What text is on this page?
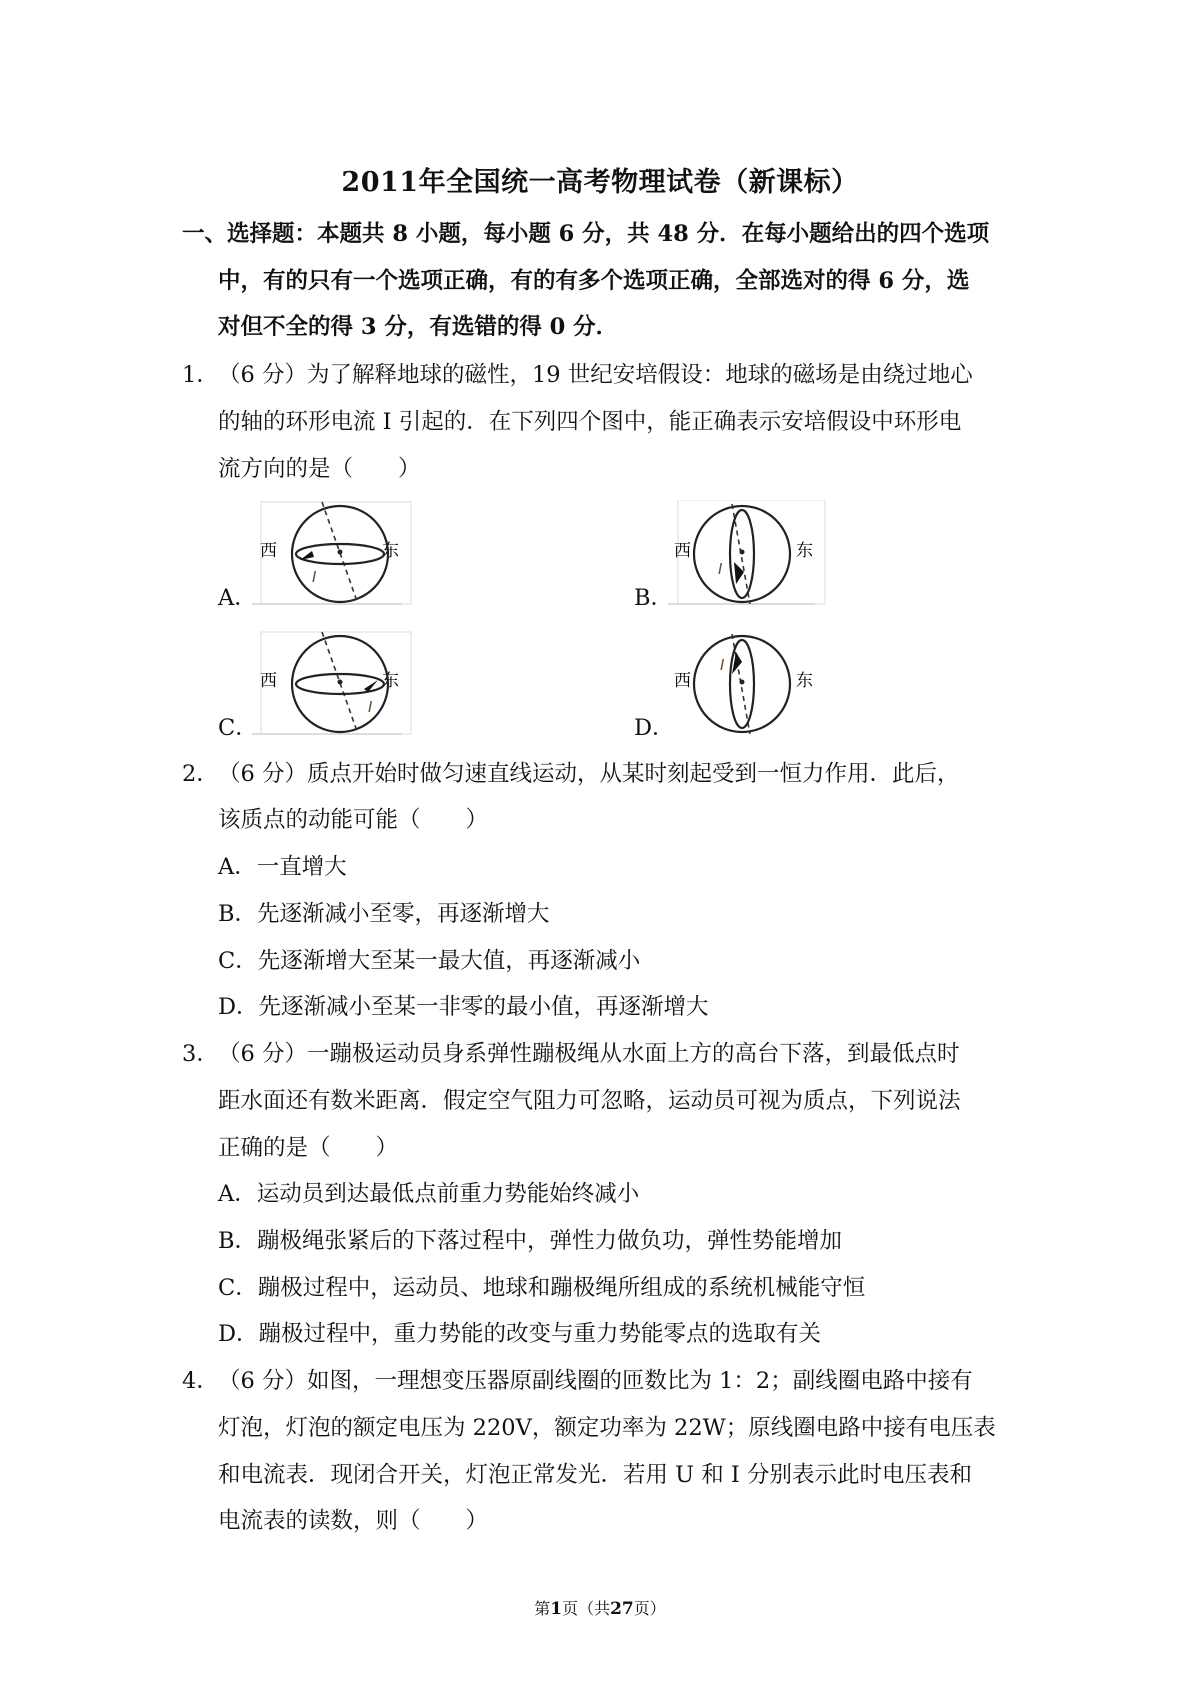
2011年全国统一高考物理试卷（新课标）
一、选择题：本题共 8 小题，每小题 6 分，共 48 分．在每小题给出的四个选项
中，有的只有一个选项正确，有的有多个选项正确，全部选对的得 6 分，选
对但不全的得 3 分，有选错的得 0 分．
1． （6 分）为了解释地球的磁性，19 世纪安培假设：地球的磁场是由绕过地心
的轴的环形电流 I 引起的．在下列四个图中，能正确表示安培假设中环形电
流方向的是（　　）
A．
西	东
I
B．
西	东
I
C．
西	东
I
D．
西	东
I
2． （6 分）质点开始时做匀速直线运动，从某时刻起受到一恒力作用．此后，
该质点的动能可能（　　）
A．一直增大
B．先逐渐减小至零，再逐渐增大
C．先逐渐增大至某一最大值，再逐渐减小
D．先逐渐减小至某一非零的最小值，再逐渐增大
3． （6 分）一蹦极运动员身系弹性蹦极绳从水面上方的高台下落，到最低点时
距水面还有数米距离．假定空气阻力可忽略，运动员可视为质点，下列说法
正确的是（　　）
A．运动员到达最低点前重力势能始终减小
B．蹦极绳张紧后的下落过程中，弹性力做负功，弹性势能增加
C．蹦极过程中，运动员、地球和蹦极绳所组成的系统机械能守恒
D．蹦极过程中，重力势能的改变与重力势能零点的选取有关
4． （6 分）如图，一理想变压器原副线圈的匝数比为 1：2；副线圈电路中接有
灯泡，灯泡的额定电压为 220V，额定功率为 22W；原线圈电路中接有电压表
和电流表．现闭合开关，灯泡正常发光．若用 U 和 I 分别表示此时电压表和
电流表的读数，则（　　）
第1页（共27页）
